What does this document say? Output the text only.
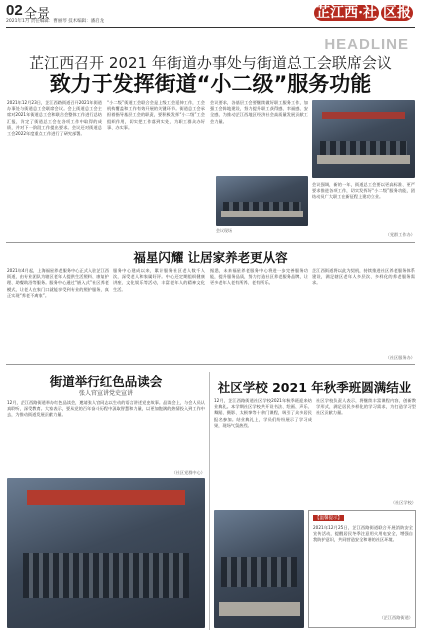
02 全景
2021年1月 责任编辑：曹丽琴 技术编辑：潘启龙
芷江西·社 区报
HEADLINE
芷江西召开 2021 年街道办事处与街道总工会联席会议
致力于发挥街道“小二级”服务功能
2021年12月23日，芷江西路街道召开2021年街道办事处与街道总工会联席会议。会上街道总工会主席对2021年街道总工会和联合会整体工作进行总结汇报，肯定了街道总工会在各项工作中取得的成绩，并对下一阶段工作提出要求。会议还对街道总工会2022年度重点工作进行了研究部署。
“小二级”街道工会联合会是上级工会延伸工作，工会机构覆盖和工作有效开展的关键环节。街道总工会承担着指导基层工会的职责，要积极发挥“小二级”工会组织作用，切实把工作落到实处，为职工群众办好事、办实事。
会议要求，各基层工会要继续做好职工服务工作，加强工会阵地建设，努力提升职工获得感、幸福感、安全感，为推动芷江西地区经济社会高质量发展贡献工会力量。
会议现场
会议强调，新的一年，街道总工会要以更高标准、更严要求推进各项工作，切实发挥好“小二级”服务功能，团结动员广大职工在新征程上建功立业。
（党群工作办）
福星闪耀 让居家养老更从容
2021年4月起，上海福星养老服务中心正式入驻芷江西街道，由专业团队为辖区老年人提供生活照料、康复护理、助餐助浴等服务。服务中心通过“嵌入式”社区养老模式，让老人在家门口就能享受到专业的照护服务，真正实现“养老不离家”。
服务中心建成以来，累计服务社区老人数千人次，深受老人和家属好评。中心还定期组织健康讲座、文化娱乐等活动，丰富老年人的精神文化生活。
据悉，未来福星养老服务中心将进一步完善服务功能，提升服务品质，努力打造社区养老服务品牌，让更多老年人老有所养、老有所乐。
芷江西街道将以此为契机，持续推进社区养老服务体系建设，满足辖区老年人多层次、多样化的养老服务需求。
（社区服务办）
街道举行红色品读会
张人官宣讲党史宣讲
12月，芷江西路街道举办红色品读会，邀请张人官同志以生动的语言讲述党史故事。品读会上，与会人员认真聆听，深受教育。大家表示，要从党的百年奋斗历程中汲取智慧和力量，以更加饱满的热情投入到工作中去，为推动街道发展贡献力量。
（社区党群中心）
社区学校 2021 年秋季班圆满结业
12月，芷江西路街道社区学校2021年秋季班迎来结业典礼。本学期社区学校共开设书法、绘画、声乐、舞蹈、摄影、太极拳等十余门课程，吸引了众多居民报名参加。结业典礼上，学员们纷纷展示了学习成果，现场气氛热烈。
社区学校负责人表示，将继续丰富课程内容，创新教学形式，满足居民多样化的学习需求，为打造学习型社区贡献力量。
（社区学校）
【温馨提示】
2021年12月25日，芷江西路街道联合开展消防安全宣传活动，提醒居民冬季注意用火用电安全，增强自我防护意识，共同营造安全和谐的社区环境。
（芷江西路街道）
